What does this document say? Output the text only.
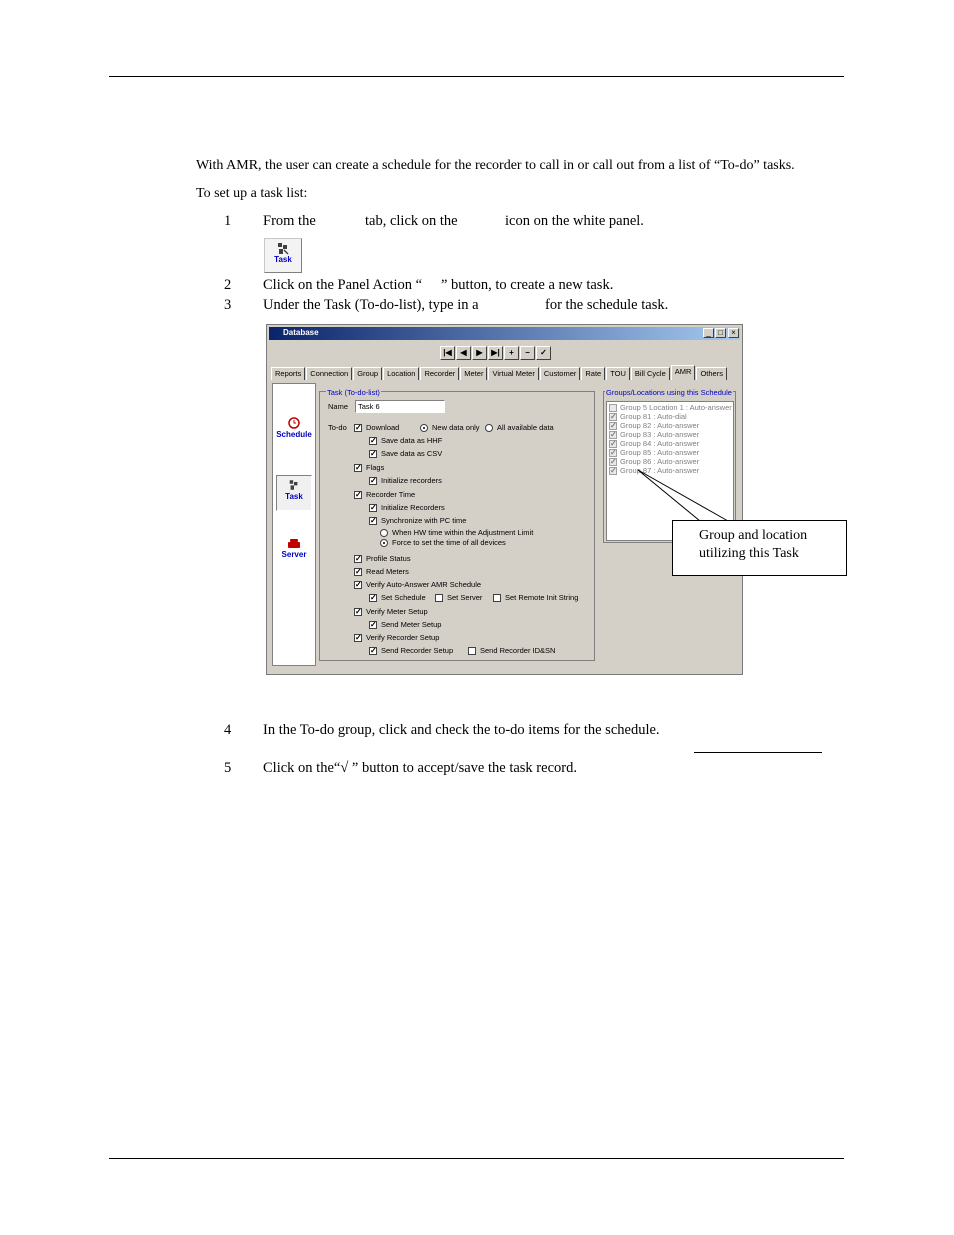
With AMR, the user can create a schedule for the recorder to call in or call out from a list of “To-do” tasks.
To set up a task list:
1 From the	tab, click on the	icon on the white panel.
Task
2 Click on the Panel Action “ ” button, to create a new task.
3 Under the Task (To-do-list), type in a	for the schedule task.
Database	_ □	×
|◀	◀	▶	▶|	+	−	✓
Reports	Connection	Group	Location	Recorder	Meter	Virtual Meter	Customer	Rate	TOU	Bill Cycle	AMR	Others
Schedule
Task
Server
Task (To-do-list)
Name	Task 6
To-do ✓ Download	New data only All available data
✓ Save data as HHF
✓ Save data as CSV
✓ Flags
✓ Initialize recorders
✓ Recorder Time
✓ Initialize Recorders
✓ Synchronize with PC time
When HW time within the Adjustment Limit
Force to set the time of all devices
✓ Profile Status
✓ Read Meters
✓ Verify Auto-Answer AMR Schedule
✓ Set Schedule	Set Server	Set Remote Init String
✓ Verify Meter Setup
✓ Send Meter Setup
✓ Verify Recorder Setup
✓ Send Recorder Setup	Send Recorder ID&SN
Groups/Locations using this Schedule
Group 5 Location 1 : Auto-answer
✓ Group 81 : Auto-dial
✓ Group 82 : Auto-answer
✓ Group 83 : Auto-answer
✓ Group 84 : Auto-answer
✓ Group 85 : Auto-answer
✓ Group 86 : Auto-answer
✓ Group 87 : Auto-answer
Group and location
utilizing this Task
4 In the To-do group, click and check the to-do items for the schedule.
5 Click on the“√ ” button to accept/save the task record.
